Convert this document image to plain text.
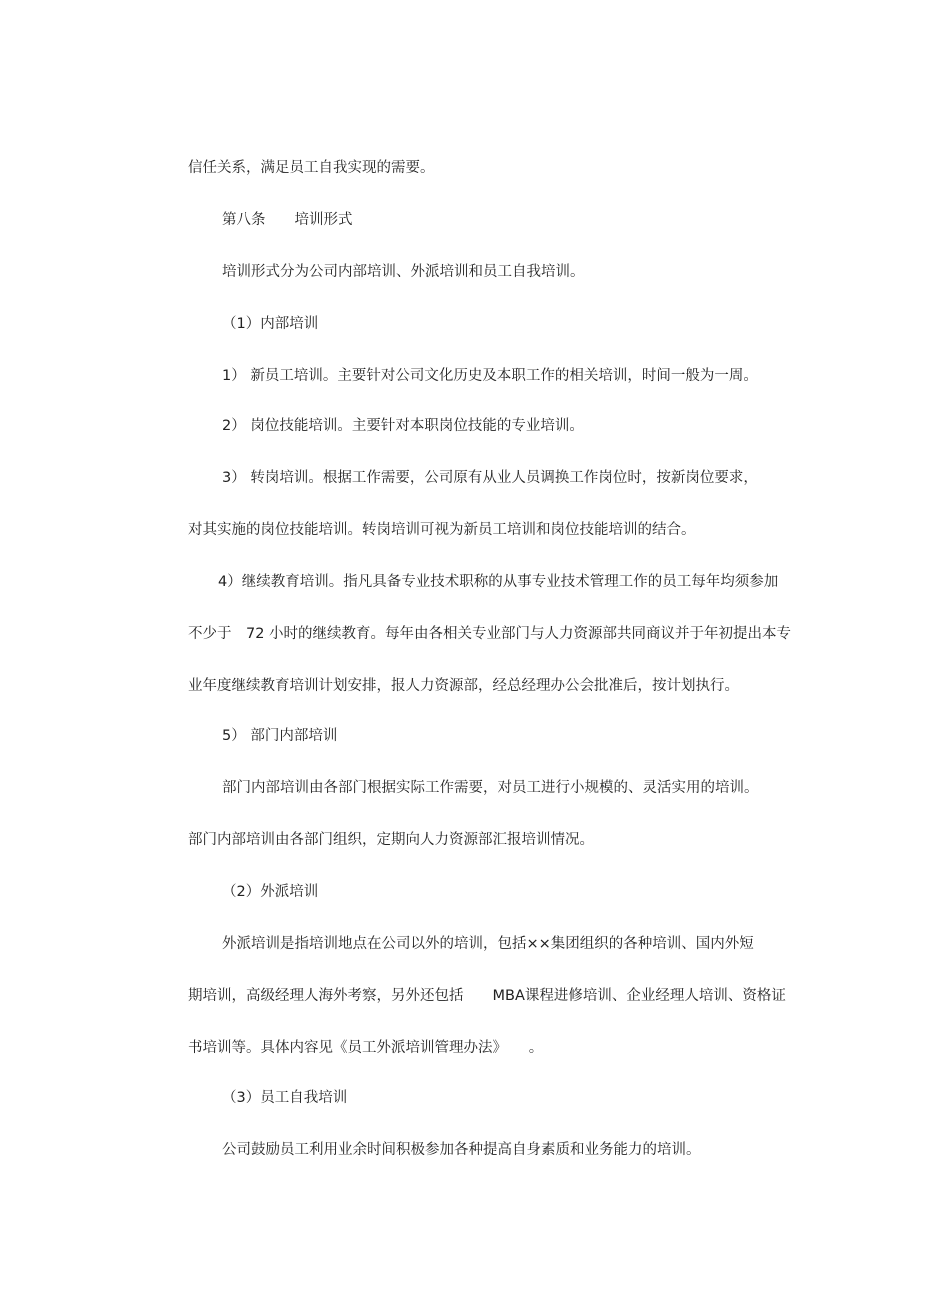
信任关系，满足员工自我实现的需要。
第八条　　培训形式
培训形式分为公司内部培训、外派培训和员工自我培训。
（1）内部培训
1） 新员工培训。主要针对公司文化历史及本职工作的相关培训，时间一般为一周。
2） 岗位技能培训。主要针对本职岗位技能的专业培训。
3） 转岗培训。根据工作需要，公司原有从业人员调换工作岗位时，按新岗位要求，
对其实施的岗位技能培训。转岗培训可视为新员工培训和岗位技能培训的结合。
4）继续教育培训。指凡具备专业技术职称的从事专业技术管理工作的员工每年均须参加
不少于　72 小时的继续教育。每年由各相关专业部门与人力资源部共同商议并于年初提出本专
业年度继续教育培训计划安排，报人力资源部，经总经理办公会批准后，按计划执行。
5） 部门内部培训
部门内部培训由各部门根据实际工作需要，对员工进行小规模的、灵活实用的培训。
部门内部培训由各部门组织，定期向人力资源部汇报培训情况。
（2）外派培训
外派培训是指培训地点在公司以外的培训，包括××集团组织的各种培训、国内外短
期培训，高级经理人海外考察，另外还包括　　MBA课程进修培训、企业经理人培训、资格证
书培训等。具体内容见《员工外派培训管理办法》　　。
（3）员工自我培训
公司鼓励员工利用业余时间积极参加各种提高自身素质和业务能力的培训。
